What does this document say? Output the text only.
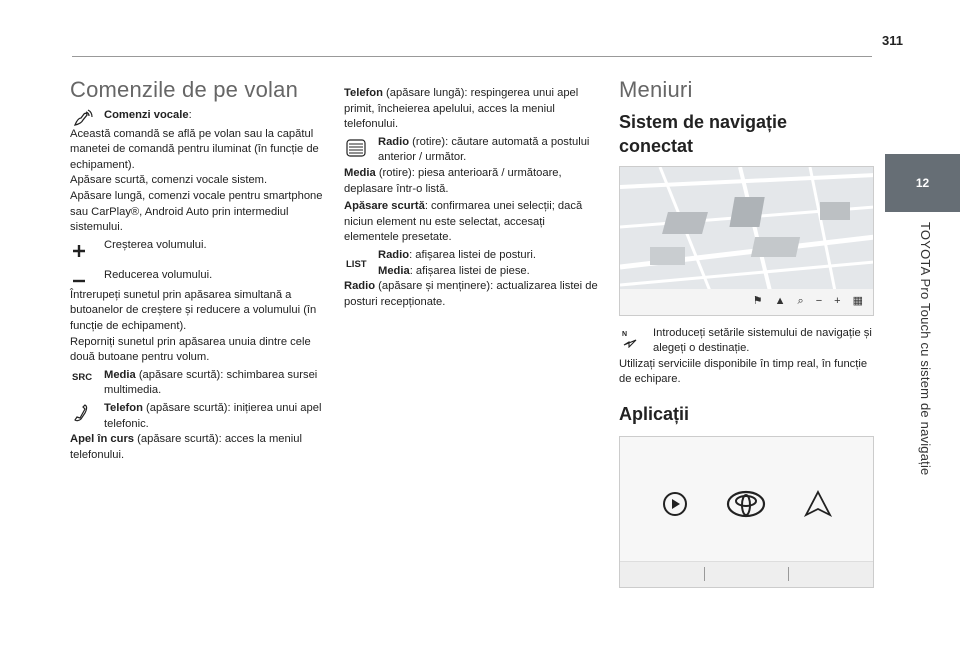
311
12
TOYOTA Pro Touch cu sistem de navigație
Comenzile de pe volan
Comenzi vocale:

Această comandă se află pe volan sau la capătul manetei de comandă pentru iluminat (în funcție de echipament).
Apăsare scurtă, comenzi vocale sistem.
Apăsare lungă, comenzi vocale pentru smartphone sau CarPlay®, Android Auto prin intermediul sistemului.
Creșterea volumului.
Reducerea volumului.
Întrerupeți sunetul prin apăsarea simultană a butoanelor de creștere și reducere a volumului (în funcție de echipament).
Reporniți sunetul prin apăsarea unuia dintre cele două butoane pentru volum.
SRC Media (apăsare scurtă): schimbarea sursei multimedia.
Telefon (apăsare scurtă): inițierea unui apel telefonic.
Apel în curs (apăsare scurtă): acces la meniul telefonului.
Telefon (apăsare lungă): respingerea unui apel primit, încheierea apelului, acces la meniul telefonului.
Radio (rotire): căutare automată a postului anterior / următor.
Media (rotire): piesa anterioară / următoare, deplasare într-o listă.
Apăsare scurtă: confirmarea unei selecții; dacă niciun element nu este selectat, accesați elementele presetate.
LIST
Radio: afișarea listei de posturi.
Media: afișarea listei de piese.
Radio (apăsare și menținere): actualizarea listei de posturi recepționate.
Meniuri
Sistem de navigație conectat
⚑ ▲ ⌕ − + ▦
N Introduceți setările sistemului de navigație și alegeți o destinație.
Utilizați serviciile disponibile în timp real, în funcție de echipare.
Aplicații
